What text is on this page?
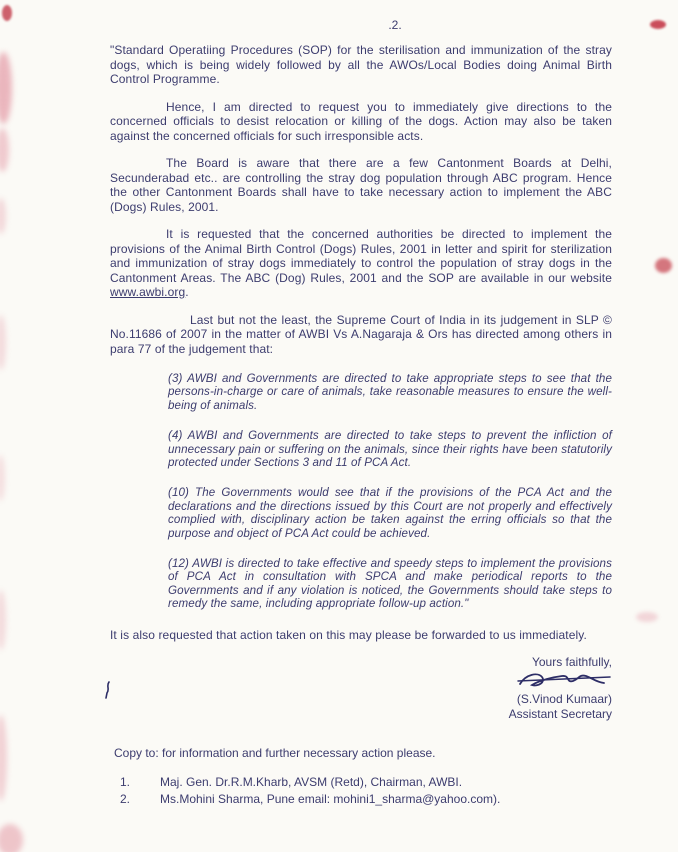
.2.

"Standard Operatiing Procedures (SOP) for the sterilisation and immunization of the stray dogs, which is being widely followed by all the AWOs/Local Bodies doing Animal Birth Control Programme.

Hence, I am directed to request you to immediately give directions to the concerned officials to desist relocation or killing of the dogs. Action may also be taken against the concerned officials for such irresponsible acts.

The Board is aware that there are a few Cantonment Boards at Delhi, Secunderabad etc.. are controlling the stray dog population through ABC program. Hence the other Cantonment Boards shall have to take necessary action to implement the ABC (Dogs) Rules, 2001.

It is requested that the concerned authorities be directed to implement the provisions of the Animal Birth Control (Dogs) Rules, 2001 in letter and spirit for sterilization and immunization of stray dogs immediately to control the population of stray dogs in the Cantonment Areas. The ABC (Dog) Rules, 2001 and the SOP are available in our website www.awbi.org.

Last but not the least, the Supreme Court of India in its judgement in SLP © No.11686 of 2007 in the matter of AWBI Vs A.Nagaraja & Ors has directed among others in para 77 of the judgement that:

(3) AWBI and Governments are directed to take appropriate steps to see that the persons-in-charge or care of animals, take reasonable measures to ensure the well-being of animals.

(4) AWBI and Governments are directed to take steps to prevent the infliction of unnecessary pain or suffering on the animals, since their rights have been statutorily protected under Sections 3 and 11 of PCA Act.

(10) The Governments would see that if the provisions of the PCA Act and the declarations and the directions issued by this Court are not properly and effectively complied with, disciplinary action be taken against the erring officials so that the purpose and object of PCA Act could be achieved.

(12) AWBI is directed to take effective and speedy steps to implement the provisions of PCA Act in consultation with SPCA and make periodical reports to the Governments and if any violation is noticed, the Governments should take steps to remedy the same, including appropriate follow-up action."

It is also requested that action taken on this may please be forwarded to us immediately.

Yours faithfully,
(S.Vinod Kumaar)
Assistant Secretary
Copy to: for information and further necessary action please.
1.	Maj. Gen. Dr.R.M.Kharb, AVSM (Retd), Chairman, AWBI.
2.	Ms.Mohini Sharma, Pune email: mohini1_sharma@yahoo.com).
